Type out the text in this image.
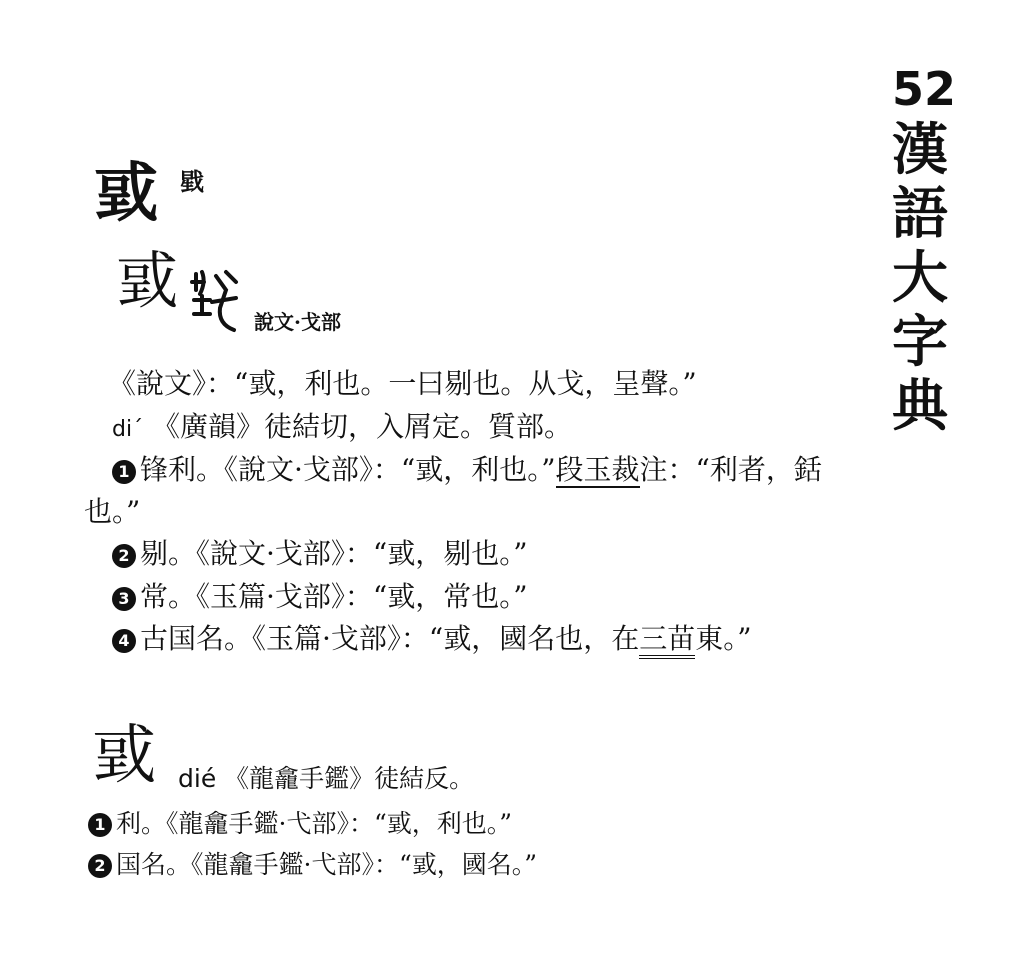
52
漢
語
大
字
典
戜 戥
戜
說文·戈部
《說文》：“戜，利也。一曰剔也。从戈，呈聲。”
diˊ 《廣韻》徒結切，入屑定。質部。
1 锋利。《說文·戈部》：“戜，利也。”段玉裁注：“利者，銛
也。”
2 剔。《說文·戈部》：“戜，剔也。”
3 常。《玉篇·戈部》：“戜，常也。”
4 古国名。《玉篇·戈部》：“戜，國名也，在三苗東。”
戜 dié 《龍龕手鑑》徒結反。
1 利。《龍龕手鑑·弋部》：“戜，利也。”
2 国名。《龍龕手鑑·弋部》：“戜，國名。”
